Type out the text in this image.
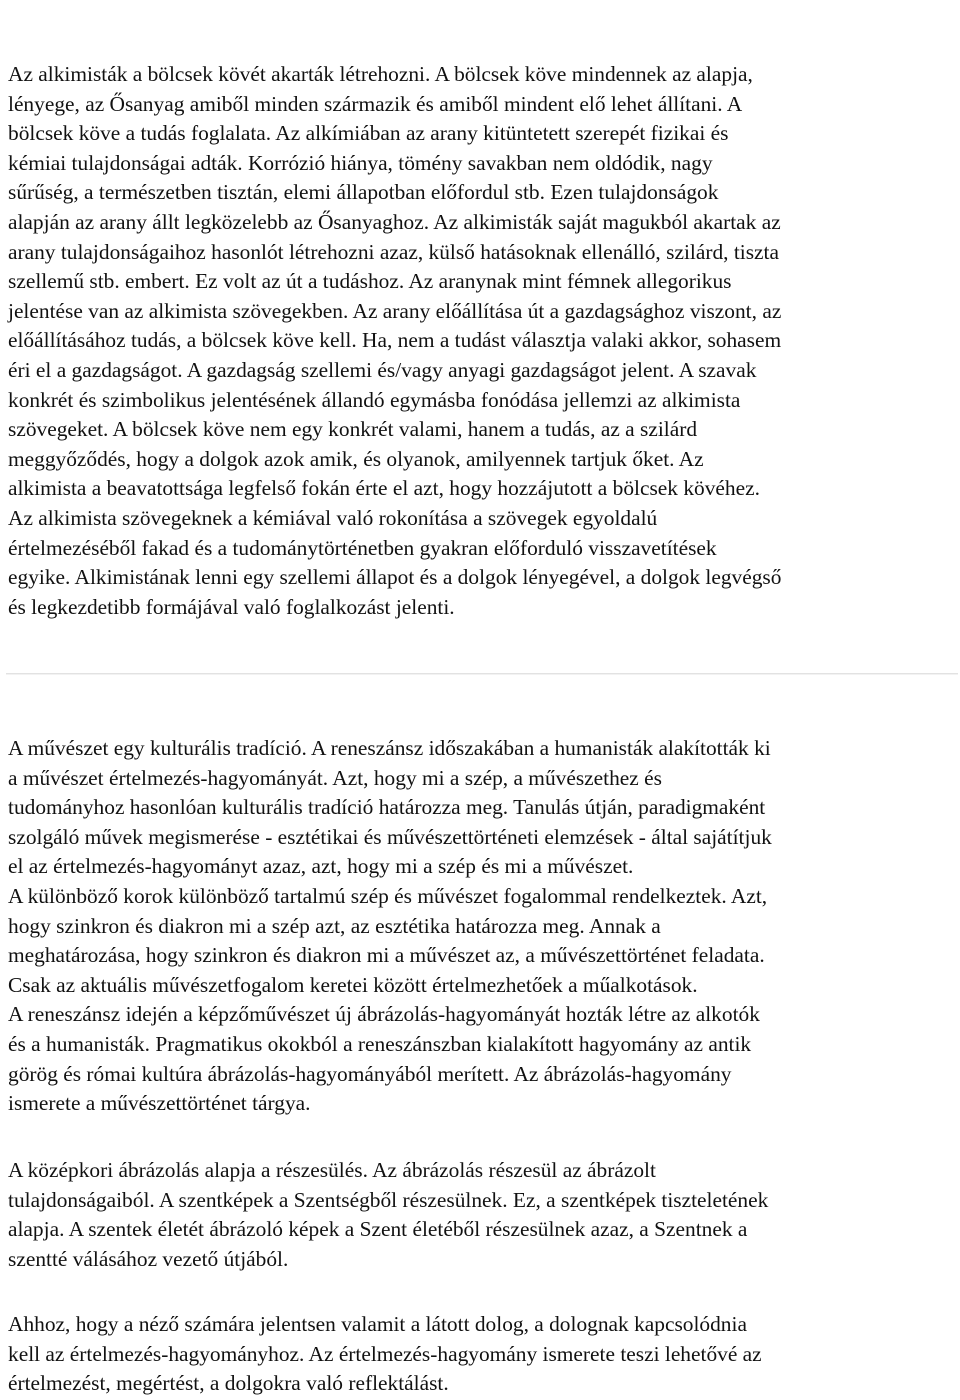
Az alkimisták a bölcsek kövét akarták létrehozni. A bölcsek köve mindennek az alapja,
lényege, az Ősanyag amiből minden származik és amiből mindent elő lehet állítani. A
bölcsek köve a tudás foglalata. Az alkímiában az arany kitüntetett szerepét fizikai és
kémiai tulajdonságai adták. Korrózió hiánya, tömény savakban nem oldódik, nagy
sűrűség, a természetben tisztán, elemi állapotban előfordul stb. Ezen tulajdonságok
alapján az arany állt legközelebb az Ősanyaghoz. Az alkimisták saját magukból akartak az
arany tulajdonságaihoz hasonlót létrehozni azaz, külső hatásoknak ellenálló, szilárd, tiszta
szellemű stb. embert. Ez volt az út a tudáshoz. Az aranynak mint fémnek allegorikus
jelentése van az alkimista szövegekben. Az arany előállítása út a gazdagsághoz viszont, az
előállításához tudás, a bölcsek köve kell. Ha, nem a tudást választja valaki akkor, sohasem
éri el a gazdagságot. A gazdagság szellemi és/vagy anyagi gazdagságot jelent. A szavak
konkrét és szimbolikus jelentésének állandó egymásba fonódása jellemzi az alkimista
szövegeket. A bölcsek köve nem egy konkrét valami, hanem a tudás, az a szilárd
meggyőződés, hogy a dolgok azok amik, és olyanok, amilyennek tartjuk őket. Az
alkimista a beavatottsága legfelső fokán érte el azt, hogy hozzájutott a bölcsek kövéhez.
Az alkimista szövegeknek a kémiával való rokonítása a szövegek egyoldalú
értelmezéséből fakad és a tudománytörténetben gyakran előforduló visszavetítések
egyike. Alkimistának lenni egy szellemi állapot és a dolgok lényegével, a dolgok legvégső
és legkezdetibb formájával való foglalkozást jelenti.

A művészet egy kulturális tradíció. A reneszánsz időszakában a humanisták alakították ki
a művészet értelmezés-hagyományát. Azt, hogy mi a szép, a művészethez és
tudományhoz hasonlóan kulturális tradíció határozza meg. Tanulás útján, paradigmaként
szolgáló művek megismerése - esztétikai és művészettörténeti elemzések - által sajátítjuk
el az értelmezés-hagyományt azaz, azt, hogy mi a szép és mi a művészet.
A különböző korok különböző tartalmú szép és művészet fogalommal rendelkeztek. Azt,
hogy szinkron és diakron mi a szép azt, az esztétika határozza meg. Annak a
meghatározása, hogy szinkron és diakron mi a művészet az, a művészettörténet feladata.
Csak az aktuális művészetfogalom keretei között értelmezhetőek a műalkotások.
A reneszánsz idején a képzőművészet új ábrázolás-hagyományát hozták létre az alkotók
és a humanisták. Pragmatikus okokból a reneszánszban kialakított hagyomány az antik
görög és római kultúra ábrázolás-hagyományából merített. Az ábrázolás-hagyomány
ismerete a művészettörténet tárgya.

A középkori ábrázolás alapja a részesülés. Az ábrázolás részesül az ábrázolt
tulajdonságaiból. A szentképek a Szentségből részesülnek. Ez, a szentképek tiszteletének
alapja. A szentek életét ábrázoló képek a Szent életéből részesülnek azaz, a Szentnek a
szentté válásához vezető útjából.

Ahhoz, hogy a néző számára jelentsen valamit a látott dolog, a dolognak kapcsolódnia
kell az értelmezés-hagyományhoz. Az értelmezés-hagyomány ismerete teszi lehetővé az
értelmezést, megértést, a dolgokra való reflektálást.
